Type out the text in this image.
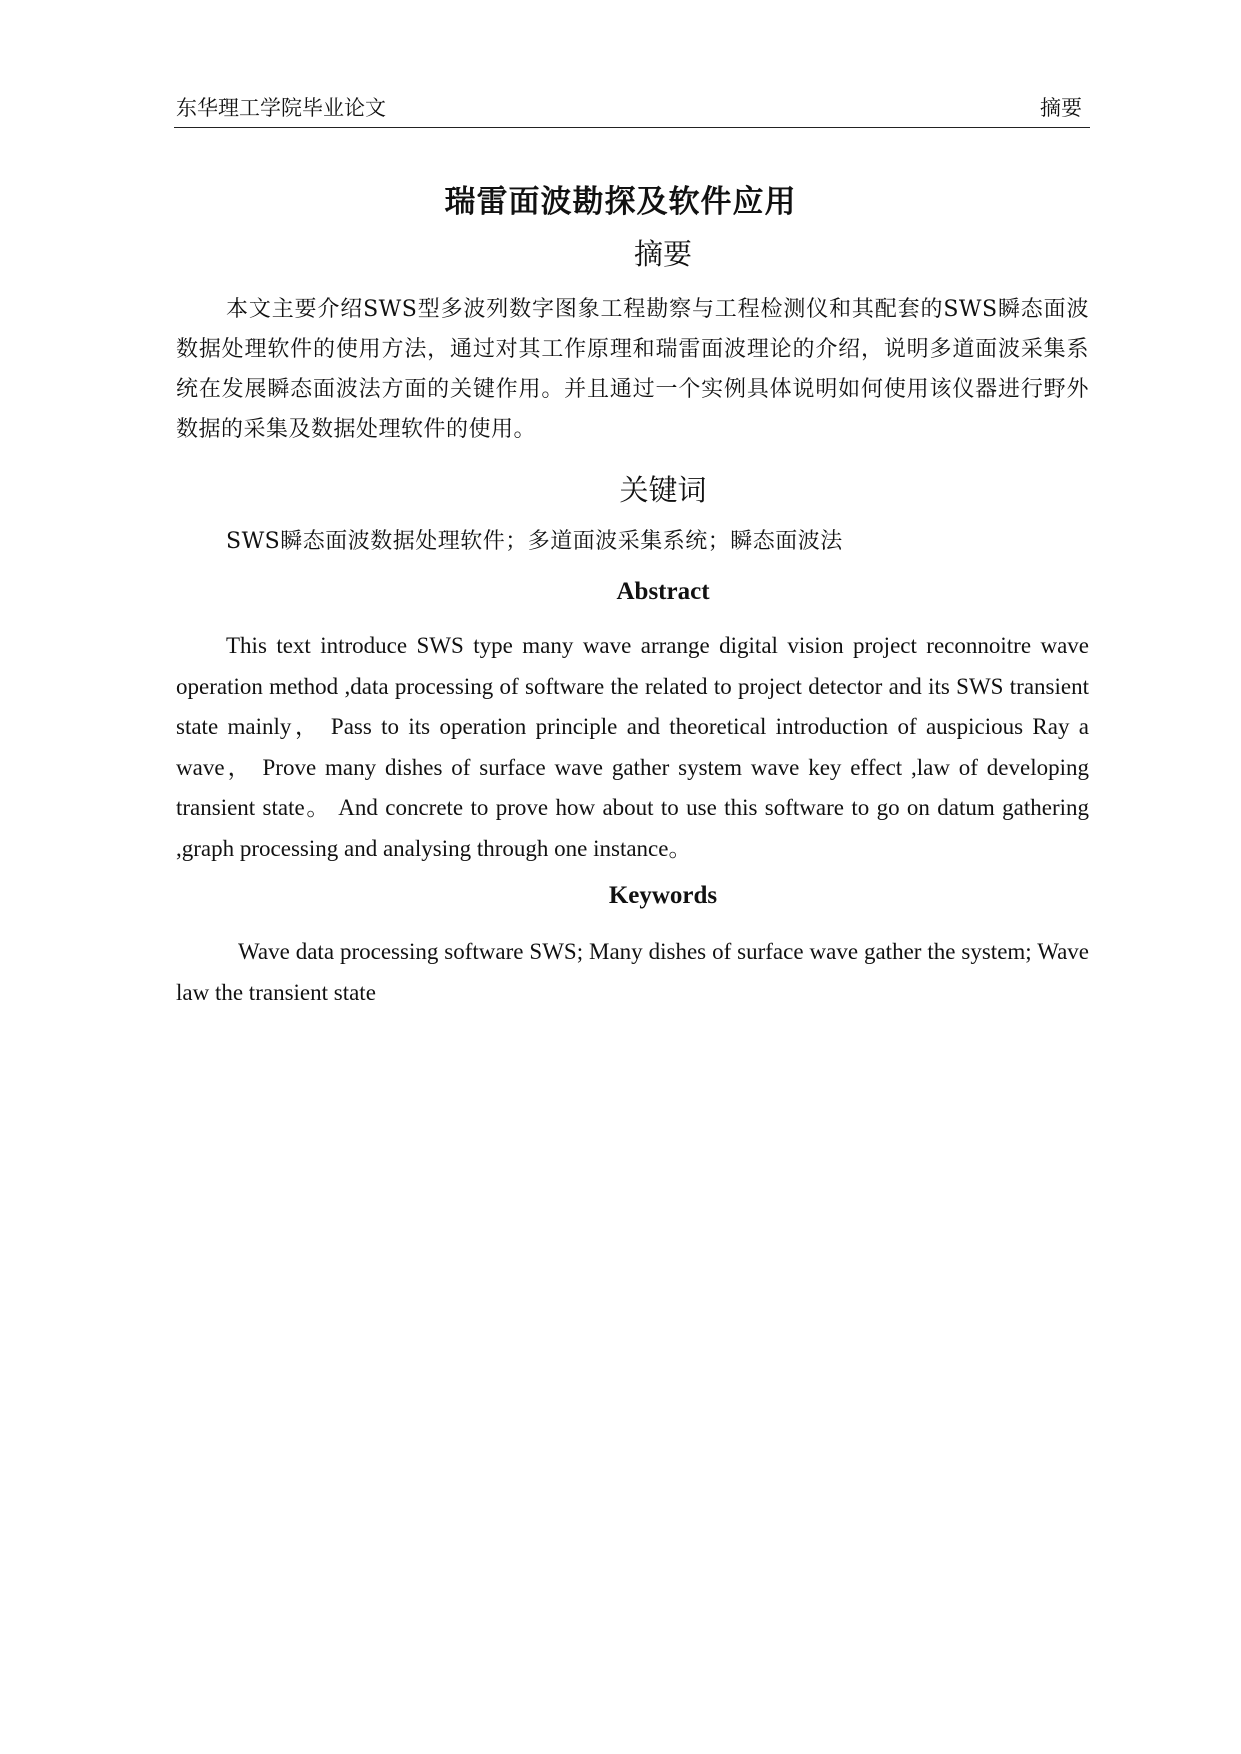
东华理工学院毕业论文	摘要
瑞雷面波勘探及软件应用
摘要
本文主要介绍SWS型多波列数字图象工程勘察与工程检测仪和其配套的SWS瞬态面波数据处理软件的使用方法，通过对其工作原理和瑞雷面波理论的介绍，说明多道面波采集系统在发展瞬态面波法方面的关键作用。并且通过一个实例具体说明如何使用该仪器进行野外数据的采集及数据处理软件的使用。
关键词
SWS瞬态面波数据处理软件；多道面波采集系统；瞬态面波法
Abstract
This text introduce SWS type many wave arrange digital vision project reconnoitre wave operation method ,data processing of software the related to project detector and its SWS transient state mainly， Pass to its operation principle and theoretical introduction of auspicious Ray a wave， Prove many dishes of surface wave gather system wave key effect ,law of developing transient state。 And concrete to prove how about to use this software to go on datum gathering ,graph processing and analysing through one instance。
Keywords
Wave data processing software SWS; Many dishes of surface wave gather the system; Wave law the transient state
